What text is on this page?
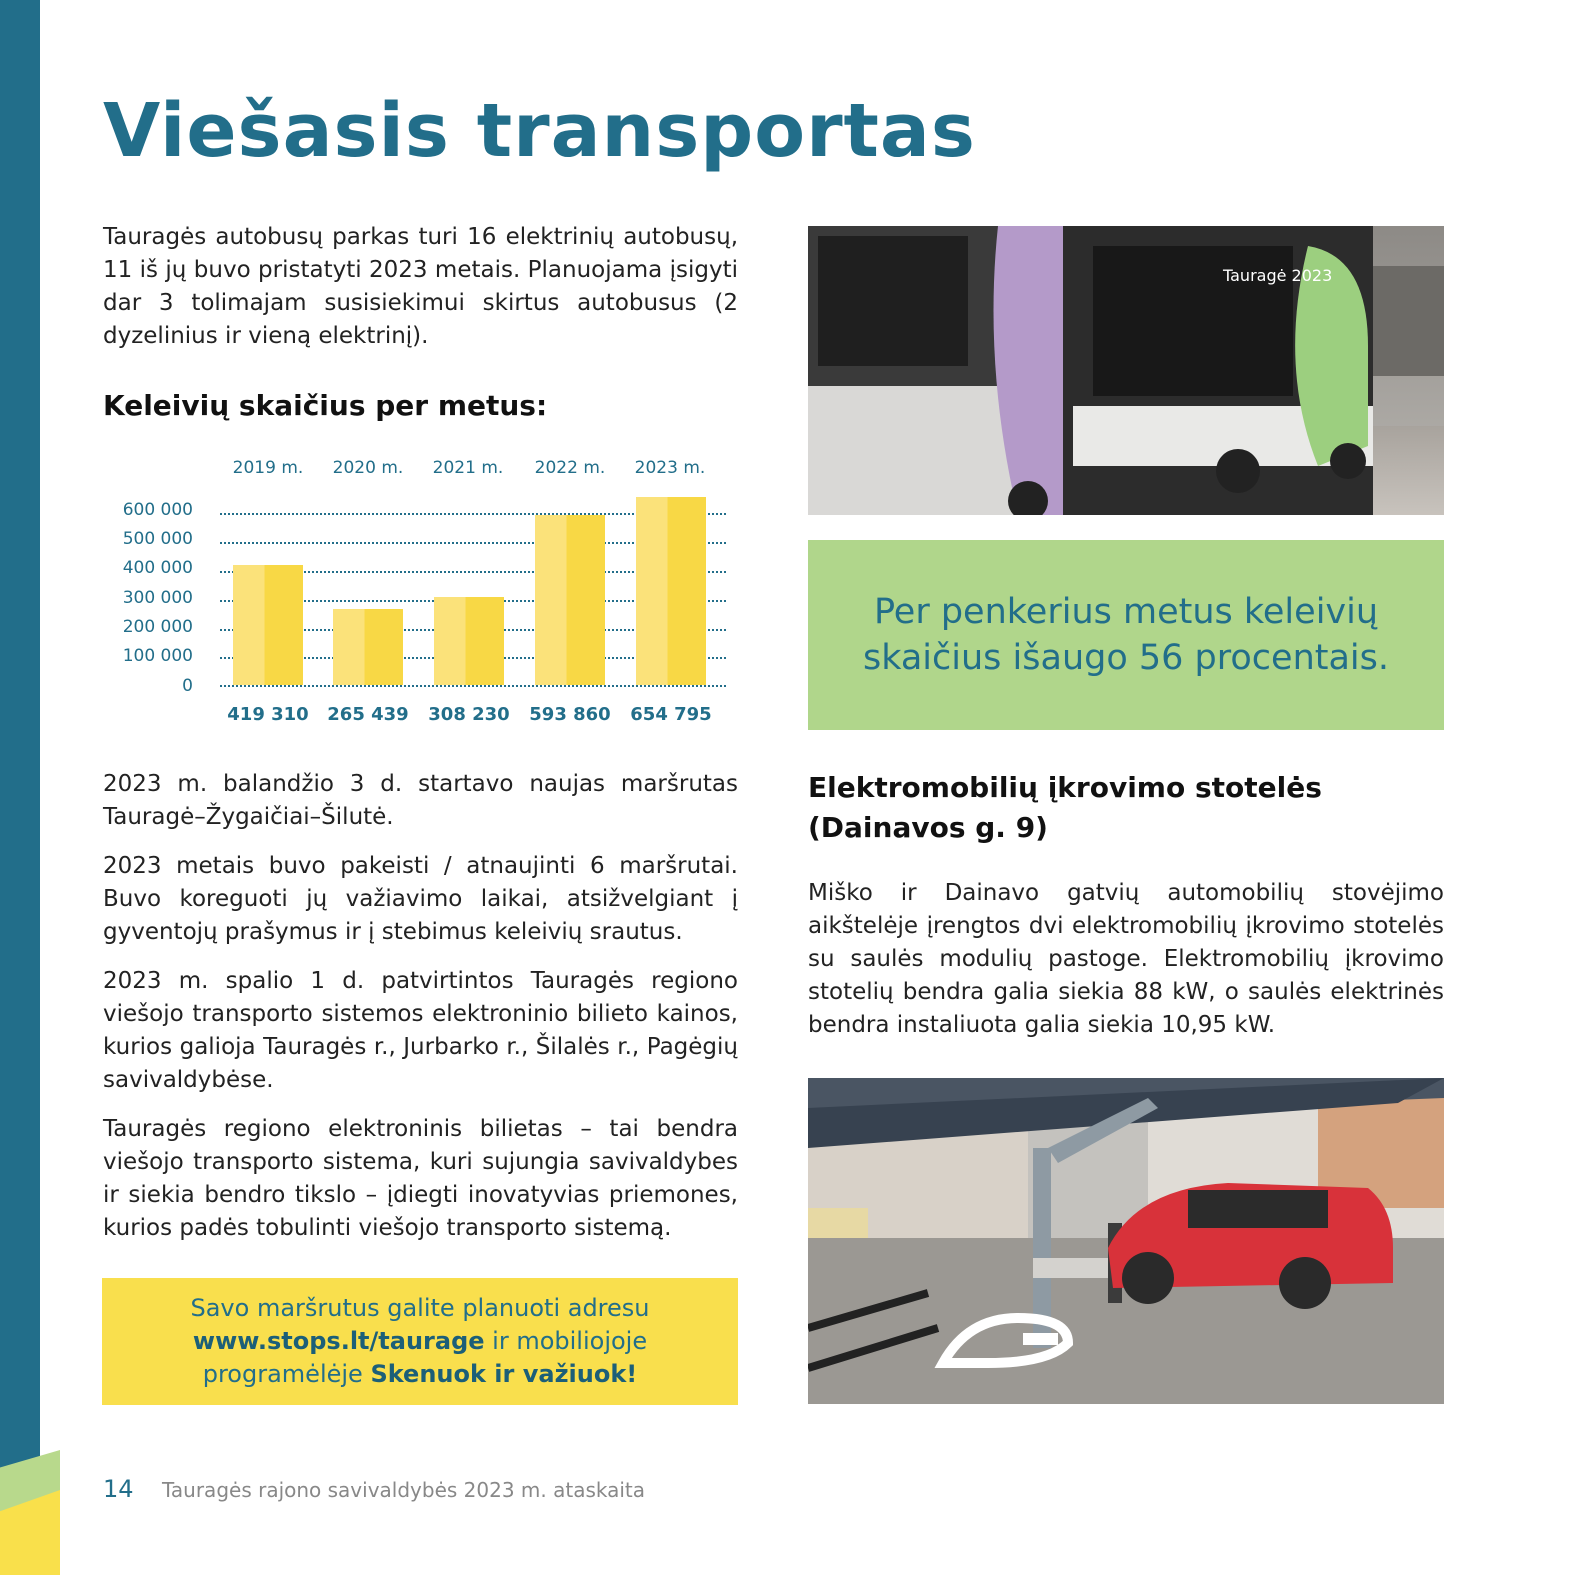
Viešasis transportas

Tauragės autobusų parkas turi 16 elektrinių autobusų, 11 iš jų buvo pristatyti 2023 metais. Planuojama įsigyti dar 3 tolimajam susisiekimui skirtus autobusus (2 dyzelinius ir vieną elektrinį).

Keleivių skaičius per metus:
2019 m.	2020 m.	2021 m.	2022 m.	2023 m.
600 000
500 000
400 000
300 000
200 000
100 000
0
419 310	265 439	308 230	593 860	654 795

2023 m. balandžio 3 d. startavo naujas maršrutas Tauragė–Žygaičiai–Šilutė.

2023 metais buvo pakeisti / atnaujinti 6 maršrutai. Buvo koreguoti jų važiavimo laikai, atsižvelgiant į gyventojų prašymus ir į stebimus keleivių srautus.

2023 m. spalio 1 d. patvirtintos Tauragės regiono viešojo transporto sistemos elektroninio bilieto kainos, kurios galioja Tauragės r., Jurbarko r., Šilalės r., Pagėgių savivaldybėse.

Tauragės regiono elektroninis bilietas – tai bendra viešojo transporto sistema, kuri sujungia savivaldybes ir siekia bendro tikslo – įdiegti inovatyvias priemones, kurios padės tobulinti viešojo transporto sistemą.

Savo maršrutus galite planuoti adresu
www.stops.lt/taurage ir mobiliojoje
programėlėje Skenuok ir važiuok!
Tauragė 2023
Per penkerius metus keleivių skaičius išaugo 56 procentais.
Elektromobilių įkrovimo stotelės (Dainavos g. 9)

Miško ir Dainavo gatvių automobilių stovėjimo aikštelėje įrengtos dvi elektromobilių įkrovimo stotelės su saulės modulių pastoge. Elektromobilių įkrovimo stotelių bendra galia siekia 88 kW, o saulės elektrinės bendra instaliuota galia siekia 10,95 kW.

14 Tauragės rajono savivaldybės 2023 m. ataskaita
